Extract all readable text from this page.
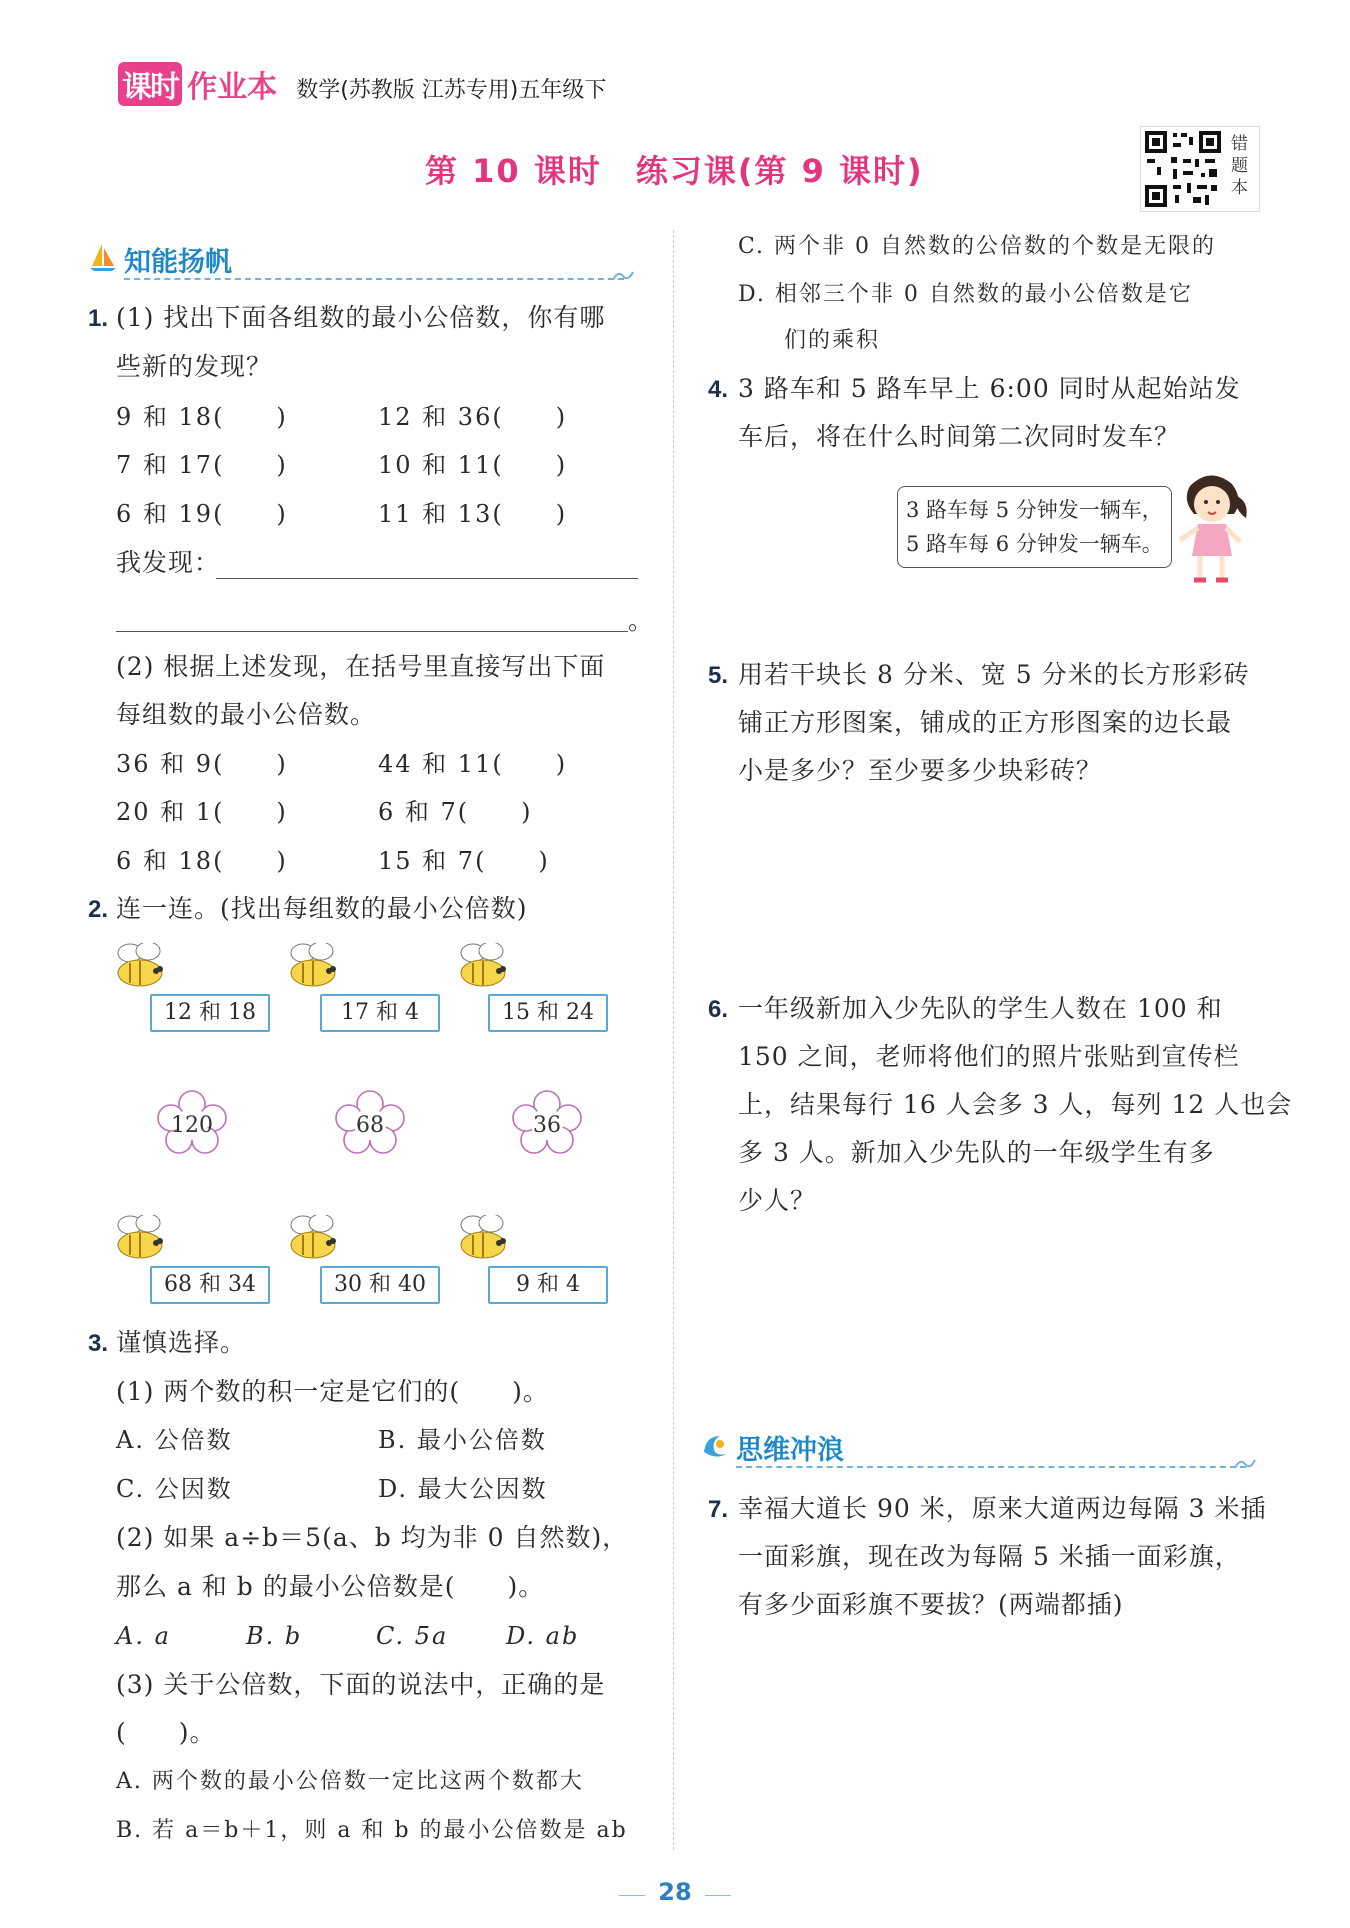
课时 作业本 数学(苏教版 江苏专用)五年级下
第 10 课时　练习课(第 9 课时)
错题本
知能扬帆
1. (1) 找出下面各组数的最小公倍数，你有哪
些新的发现？
9 和 18(　　)	12 和 36(　　)
7 和 17(　　)	10 和 11(　　)
6 和 19(　　)	11 和 13(　　)
我发现：
。
(2) 根据上述发现，在括号里直接写出下面
每组数的最小公倍数。
36 和 9(　　)	44 和 11(　　)
20 和 1(　　)	6 和 7(　　)
6 和 18(　　)	15 和 7(　　)
2. 连一连。(找出每组数的最小公倍数)
12 和 18	17 和 4	15 和 24
120	68	36
68 和 34	30 和 40	9 和 4
3. 谨慎选择。
(1) 两个数的积一定是它们的(　　)。
A. 公倍数	B. 最小公倍数
C. 公因数	D. 最大公因数
(2) 如果 a÷b＝5(a、b 均为非 0 自然数)，
那么 a 和 b 的最小公倍数是(　　)。
A. a	B. b	C. 5a D. ab
(3) 关于公倍数，下面的说法中，正确的是
(　　)。
A. 两个数的最小公倍数一定比这两个数都大
B. 若 a＝b＋1，则 a 和 b 的最小公倍数是 ab
28
C. 两个非 0 自然数的公倍数的个数是无限的
D. 相邻三个非 0 自然数的最小公倍数是它
们的乘积
4. 3 路车和 5 路车早上 6:00 同时从起始站发
车后，将在什么时间第二次同时发车？
3 路车每 5 分钟发一辆车，
5 路车每 6 分钟发一辆车。
5. 用若干块长 8 分米、宽 5 分米的长方形彩砖
铺正方形图案，铺成的正方形图案的边长最
小是多少？至少要多少块彩砖？
6. 一年级新加入少先队的学生人数在 100 和
150 之间，老师将他们的照片张贴到宣传栏
上，结果每行 16 人会多 3 人，每列 12 人也会
多 3 人。新加入少先队的一年级学生有多
少人？
思维冲浪
7. 幸福大道长 90 米，原来大道两边每隔 3 米插
一面彩旗，现在改为每隔 5 米插一面彩旗，
有多少面彩旗不要拔？(两端都插)
